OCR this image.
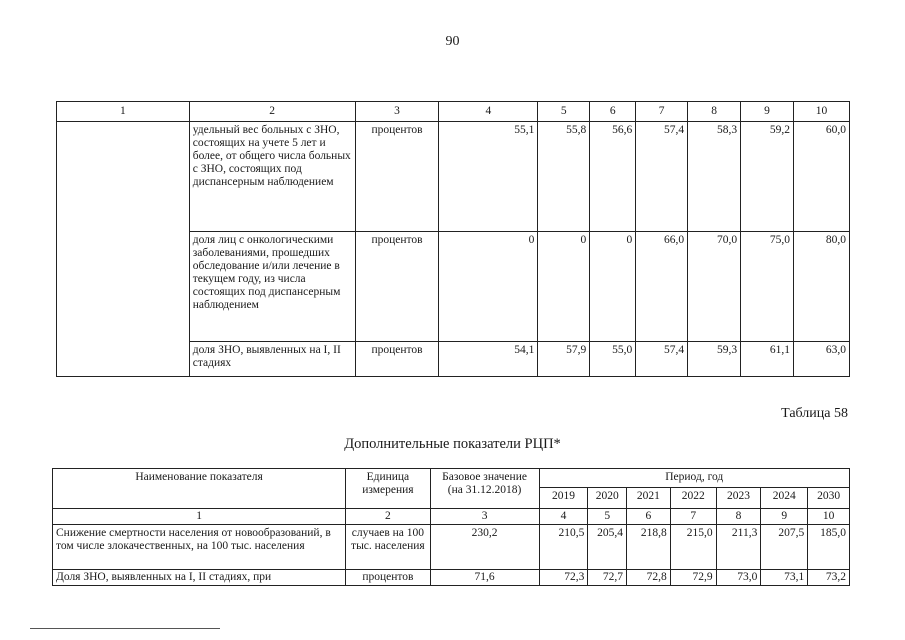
90
1	2	3	4	5	6	7	8	9	10
	удельный вес больных с ЗНО, состоящих на учете 5 лет и более, от общего числа больных с ЗНО, состоящих под диспансерным наблюдением	процентов	55,1	55,8	56,6	57,4	58,3	59,2	60,0
	доля лиц с онкологическими заболеваниями, прошедших обследование и/или лечение в текущем году, из числа состоящих под диспансерным наблюдением	процентов	0	0	0	66,0	70,0	75,0	80,0
	доля ЗНО, выявленных на I, II стадиях	процентов	54,1	57,9	55,0	57,4	59,3	61,1	63,0
Таблица 58
Дополнительные показатели РЦП*
Наименование показателя	Единица измерения	Базовое значение (на 31.12.2018)	Период, год						
			2019	2020	2021	2022	2023	2024	2030
1	2	3	4	5	6	7	8	9	10
Снижение смертности населения от новообразований, в том числе злокачественных, на 100 тыс. населения	случаев на 100 тыс. населения	230,2	210,5	205,4	218,8	215,0	211,3	207,5	185,0
Доля ЗНО, выявленных на I, II стадиях, при	процентов	71,6	72,3	72,7	72,8	72,9	73,0	73,1	73,2
